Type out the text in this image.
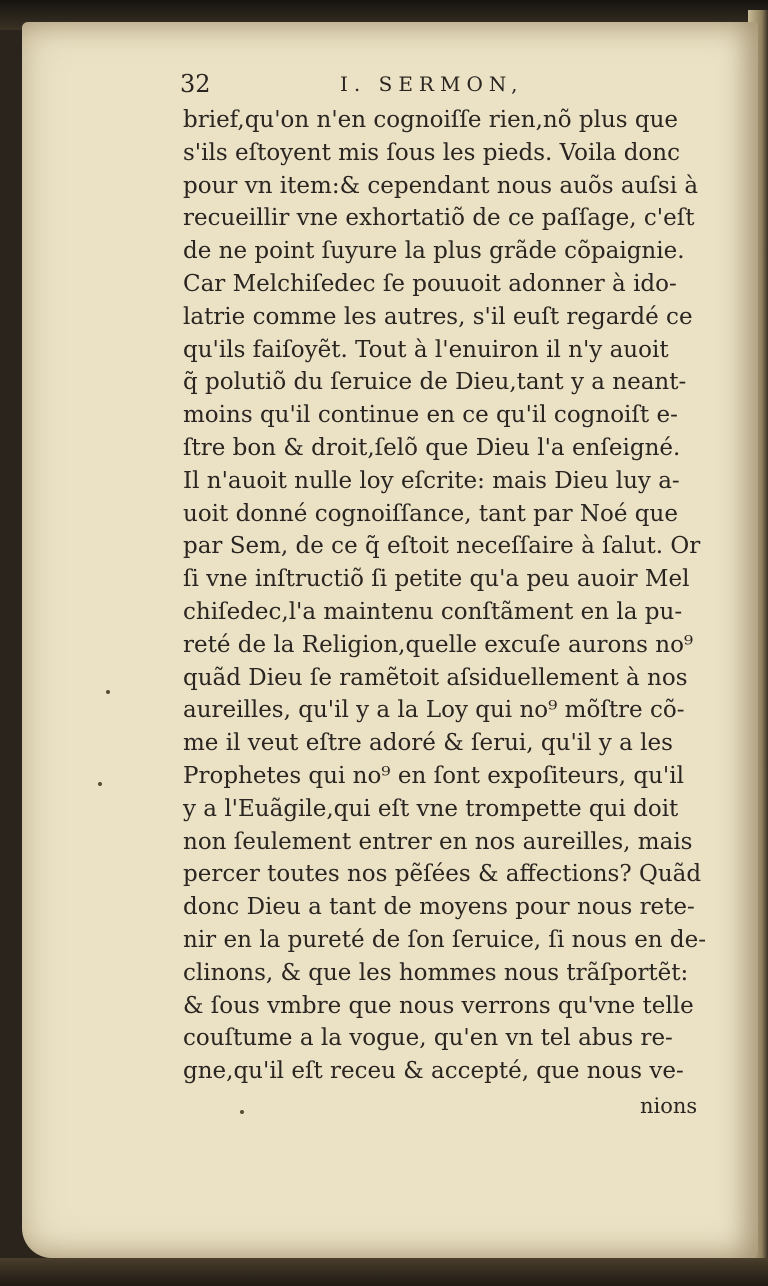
32	I. SERMON,
brief,qu'on n'en cognoiſſe rien,nõ plus que
s'ils eſtoyent mis ſous les pieds. Voila donc
pour vn item:& cependant nous auõs auſsi à
recueillir vne exhortatiõ de ce paſſage, c'eſt
de ne point ſuyure la plus grãde cõpaignie.
Car Melchiſedec ſe pouuoit adonner à ido-
latrie comme les autres, s'il euſt regardé ce
qu'ils faiſoyẽt. Tout à l'enuiron il n'y auoit
q̃ polutiõ du ſeruice de Dieu,tant y a neant-
moins qu'il continue en ce qu'il cognoiſt e-
ſtre bon & droit,ſelõ que Dieu l'a enſeigné.
Il n'auoit nulle loy eſcrite: mais Dieu luy a-
uoit donné cognoiſſance, tant par Noé que
par Sem, de ce q̃ eſtoit neceſſaire à ſalut. Or
ſi vne inſtructiõ ſi petite qu'a peu auoir Mel
chiſedec,l'a maintenu conſtãment en la pu-
reté de la Religion,quelle excuſe aurons no⁹
quãd Dieu ſe ramẽtoit aſsiduellement à nos
aureilles, qu'il y a la Loy qui no⁹ mõſtre cõ-
me il veut eſtre adoré & ſerui, qu'il y a les
Prophetes qui no⁹ en ſont expoſiteurs, qu'il
y a l'Euãgile,qui eſt vne trompette qui doit
non ſeulement entrer en nos aureilles, mais
percer toutes nos pẽſées & affections? Quãd
donc Dieu a tant de moyens pour nous rete-
nir en la pureté de ſon ſeruice, ſi nous en de-
clinons, & que les hommes nous trãſportẽt:
& ſous vmbre que nous verrons qu'vne telle
couſtume a la vogue, qu'en vn tel abus re-
gne,qu'il eſt receu & accepté, que nous ve-
nions
